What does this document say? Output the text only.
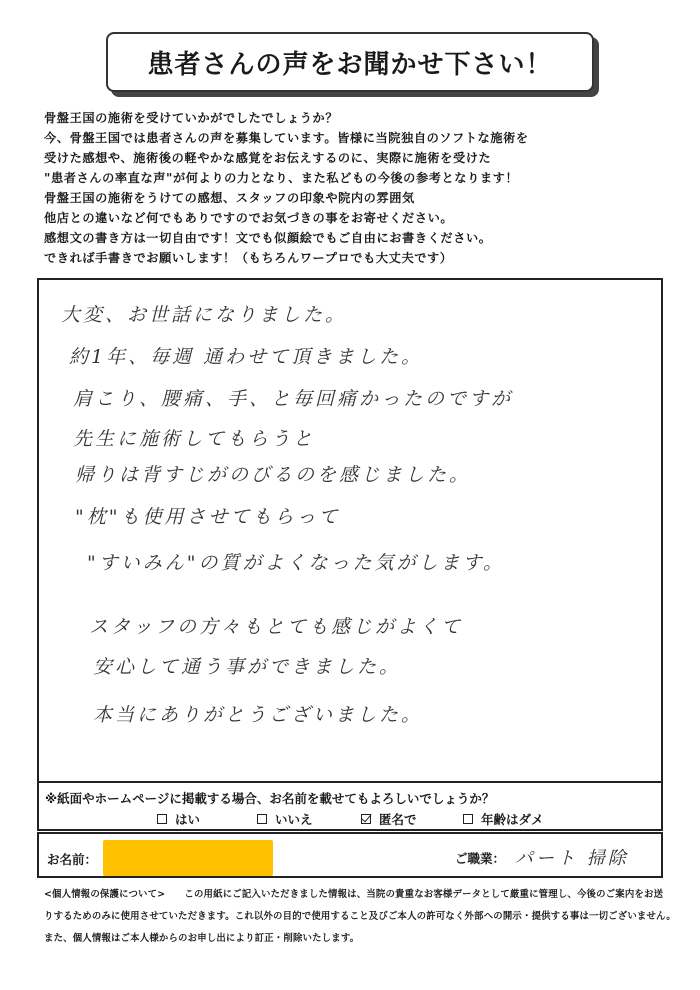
患者さんの声をお聞かせ下さい！
骨盤王国の施術を受けていかがでしたでしょうか？
今、骨盤王国では患者さんの声を募集しています。皆様に当院独自のソフトな施術を
受けた感想や、施術後の軽やかな感覚をお伝えするのに、実際に施術を受けた
"患者さんの率直な声"が何よりの力となり、また私どもの今後の参考となります！
骨盤王国の施術をうけての感想、スタッフの印象や院内の雰囲気
他店との違いなど何でもありですのでお気づきの事をお寄せください。
感想文の書き方は一切自由です！文でも似顔絵でもご自由にお書きください。
できれば手書きでお願いします！（もちろんワープロでも大丈夫です）
大変、お世話になりました。
約1年、毎週 通わせて頂きました。
肩こり、腰痛、手、と毎回痛かったのですが
先生に施術してもらうと
帰りは背すじがのびるのを感じました。
"枕"も使用させてもらって
"すいみん"の質がよくなった気がします。
スタッフの方々もとても感じがよくて
安心して通う事ができました。
本当にありがとうございました。
※紙面やホームページに掲載する場合、お名前を載せてもよろしいでしょうか？
はい	いいえ	匿名で	年齢はダメ
お名前：	ご職業： パート 掃除
<個人情報の保護について>　　この用紙にご記入いただきました情報は、当院の貴重なお客様データとして厳重に管理し、今後のご案内をお送
りするためのみに使用させていただきます。これ以外の目的で使用すること及びご本人の許可なく外部への開示・提供する事は一切ございません。
また、個人情報はご本人様からのお申し出により訂正・削除いたします。
